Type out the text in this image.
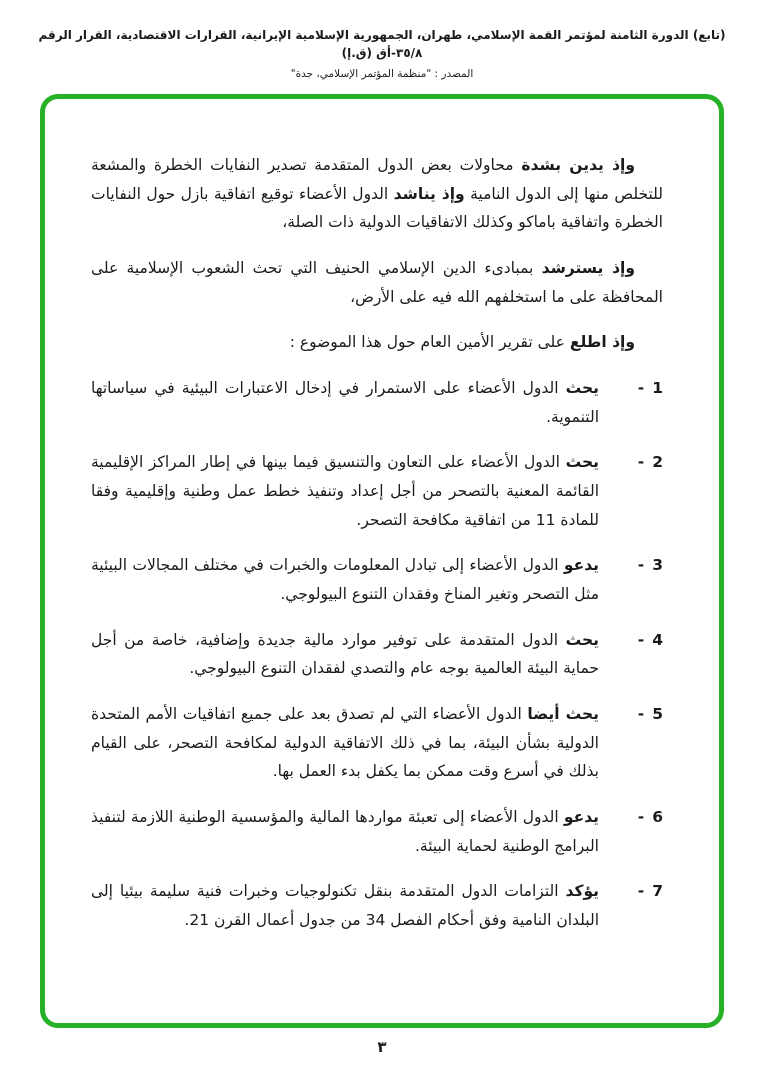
(تابع) الدورة الثامنة لمؤتمر القمة الإسلامي، طهران، الجمهورية الإسلامية الإيرانية، القرارات الاقتصادية، القرار الرقم ٣٥/٨-أق (ق.إ)
المصدر : "منظمة المؤتمر الإسلامي، جدة"

وإذ يدين بشدة محاولات بعض الدول المتقدمة تصدير النفايات الخطرة والمشعة للتخلص منها إلى الدول النامية وإذ يناشد الدول الأعضاء توقيع اتفاقية بازل حول النفايات الخطرة واتفاقية باماكو وكذلك الاتفاقيات الدولية ذات الصلة،

وإذ يسترشد بمبادىء الدين الإسلامي الحنيف التي تحث الشعوب الإسلامية على المحافظة على ما استخلفهم الله فيه على الأرض،

وإذ اطلع على تقرير الأمين العام حول هذا الموضوع :

1
-

يحث الدول الأعضاء على الاستمرار في إدخال الاعتبارات البيئية في سياساتها التنموية.

2
-

يحث الدول الأعضاء على التعاون والتنسيق فيما بينها في إطار المراكز الإقليمية القائمة المعنية بالتصحر من أجل إعداد وتنفيذ خطط عمل وطنية وإقليمية وفقا للمادة 11 من اتفاقية مكافحة التصحر.

3
-

يدعو الدول الأعضاء إلى تبادل المعلومات والخبرات في مختلف المجالات البيئية مثل التصحر وتغير المناخ وفقدان التنوع البيولوجي.

4
-

يحث الدول المتقدمة على توفير موارد مالية جديدة وإضافية، خاصة من أجل حماية البيئة العالمية بوجه عام والتصدي لفقدان التنوع البيولوجي.

5
-

يحث أيضا الدول الأعضاء التي لم تصدق بعد على جميع اتفاقيات الأمم المتحدة الدولية بشأن البيئة، بما في ذلك الاتفاقية الدولية لمكافحة التصحر، على القيام بذلك في أسرع وقت ممكن بما يكفل بدء العمل بها.

6
-

يدعو الدول الأعضاء إلى تعبئة مواردها المالية والمؤسسية الوطنية اللازمة لتنفيذ البرامج الوطنية لحماية البيئة.

7
-

يؤكد التزامات الدول المتقدمة بنقل تكنولوجيات وخبرات فنية سليمة بيئيا إلى البلدان النامية وفق أحكام الفصل 34 من جدول أعمال القرن 21.

٣
